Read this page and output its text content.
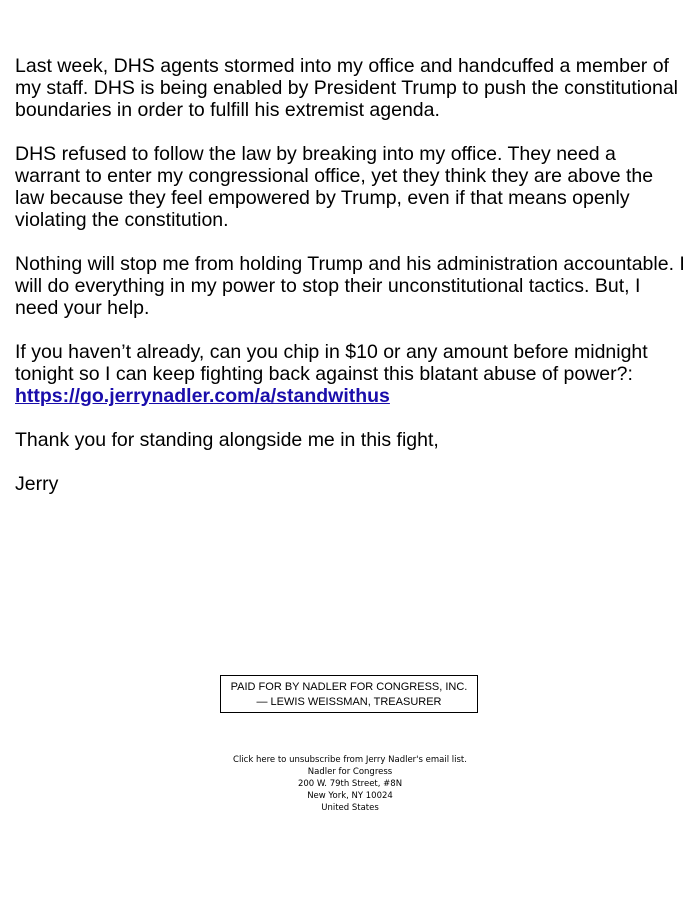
Last week, DHS agents stormed into my office and handcuffed a member of my staff. DHS is being enabled by President Trump to push the constitutional boundaries in order to fulfill his extremist agenda.

DHS refused to follow the law by breaking into my office. They need a warrant to enter my congressional office, yet they think they are above the law because they feel empowered by Trump, even if that means openly violating the constitution.

Nothing will stop me from holding Trump and his administration accountable. I will do everything in my power to stop their unconstitutional tactics. But, I need your help.

If you haven’t already, can you chip in $10 or any amount before midnight tonight so I can keep fighting back against this blatant abuse of power?:
https://go.jerrynadler.com/a/standwithus

Thank you for standing alongside me in this fight,

Jerry

PAID FOR BY NADLER FOR CONGRESS, INC.
— LEWIS WEISSMAN, TREASURER
Click here to unsubscribe from Jerry Nadler's email list.
Nadler for Congress
200 W. 79th Street, #8N
New York, NY 10024
United States
